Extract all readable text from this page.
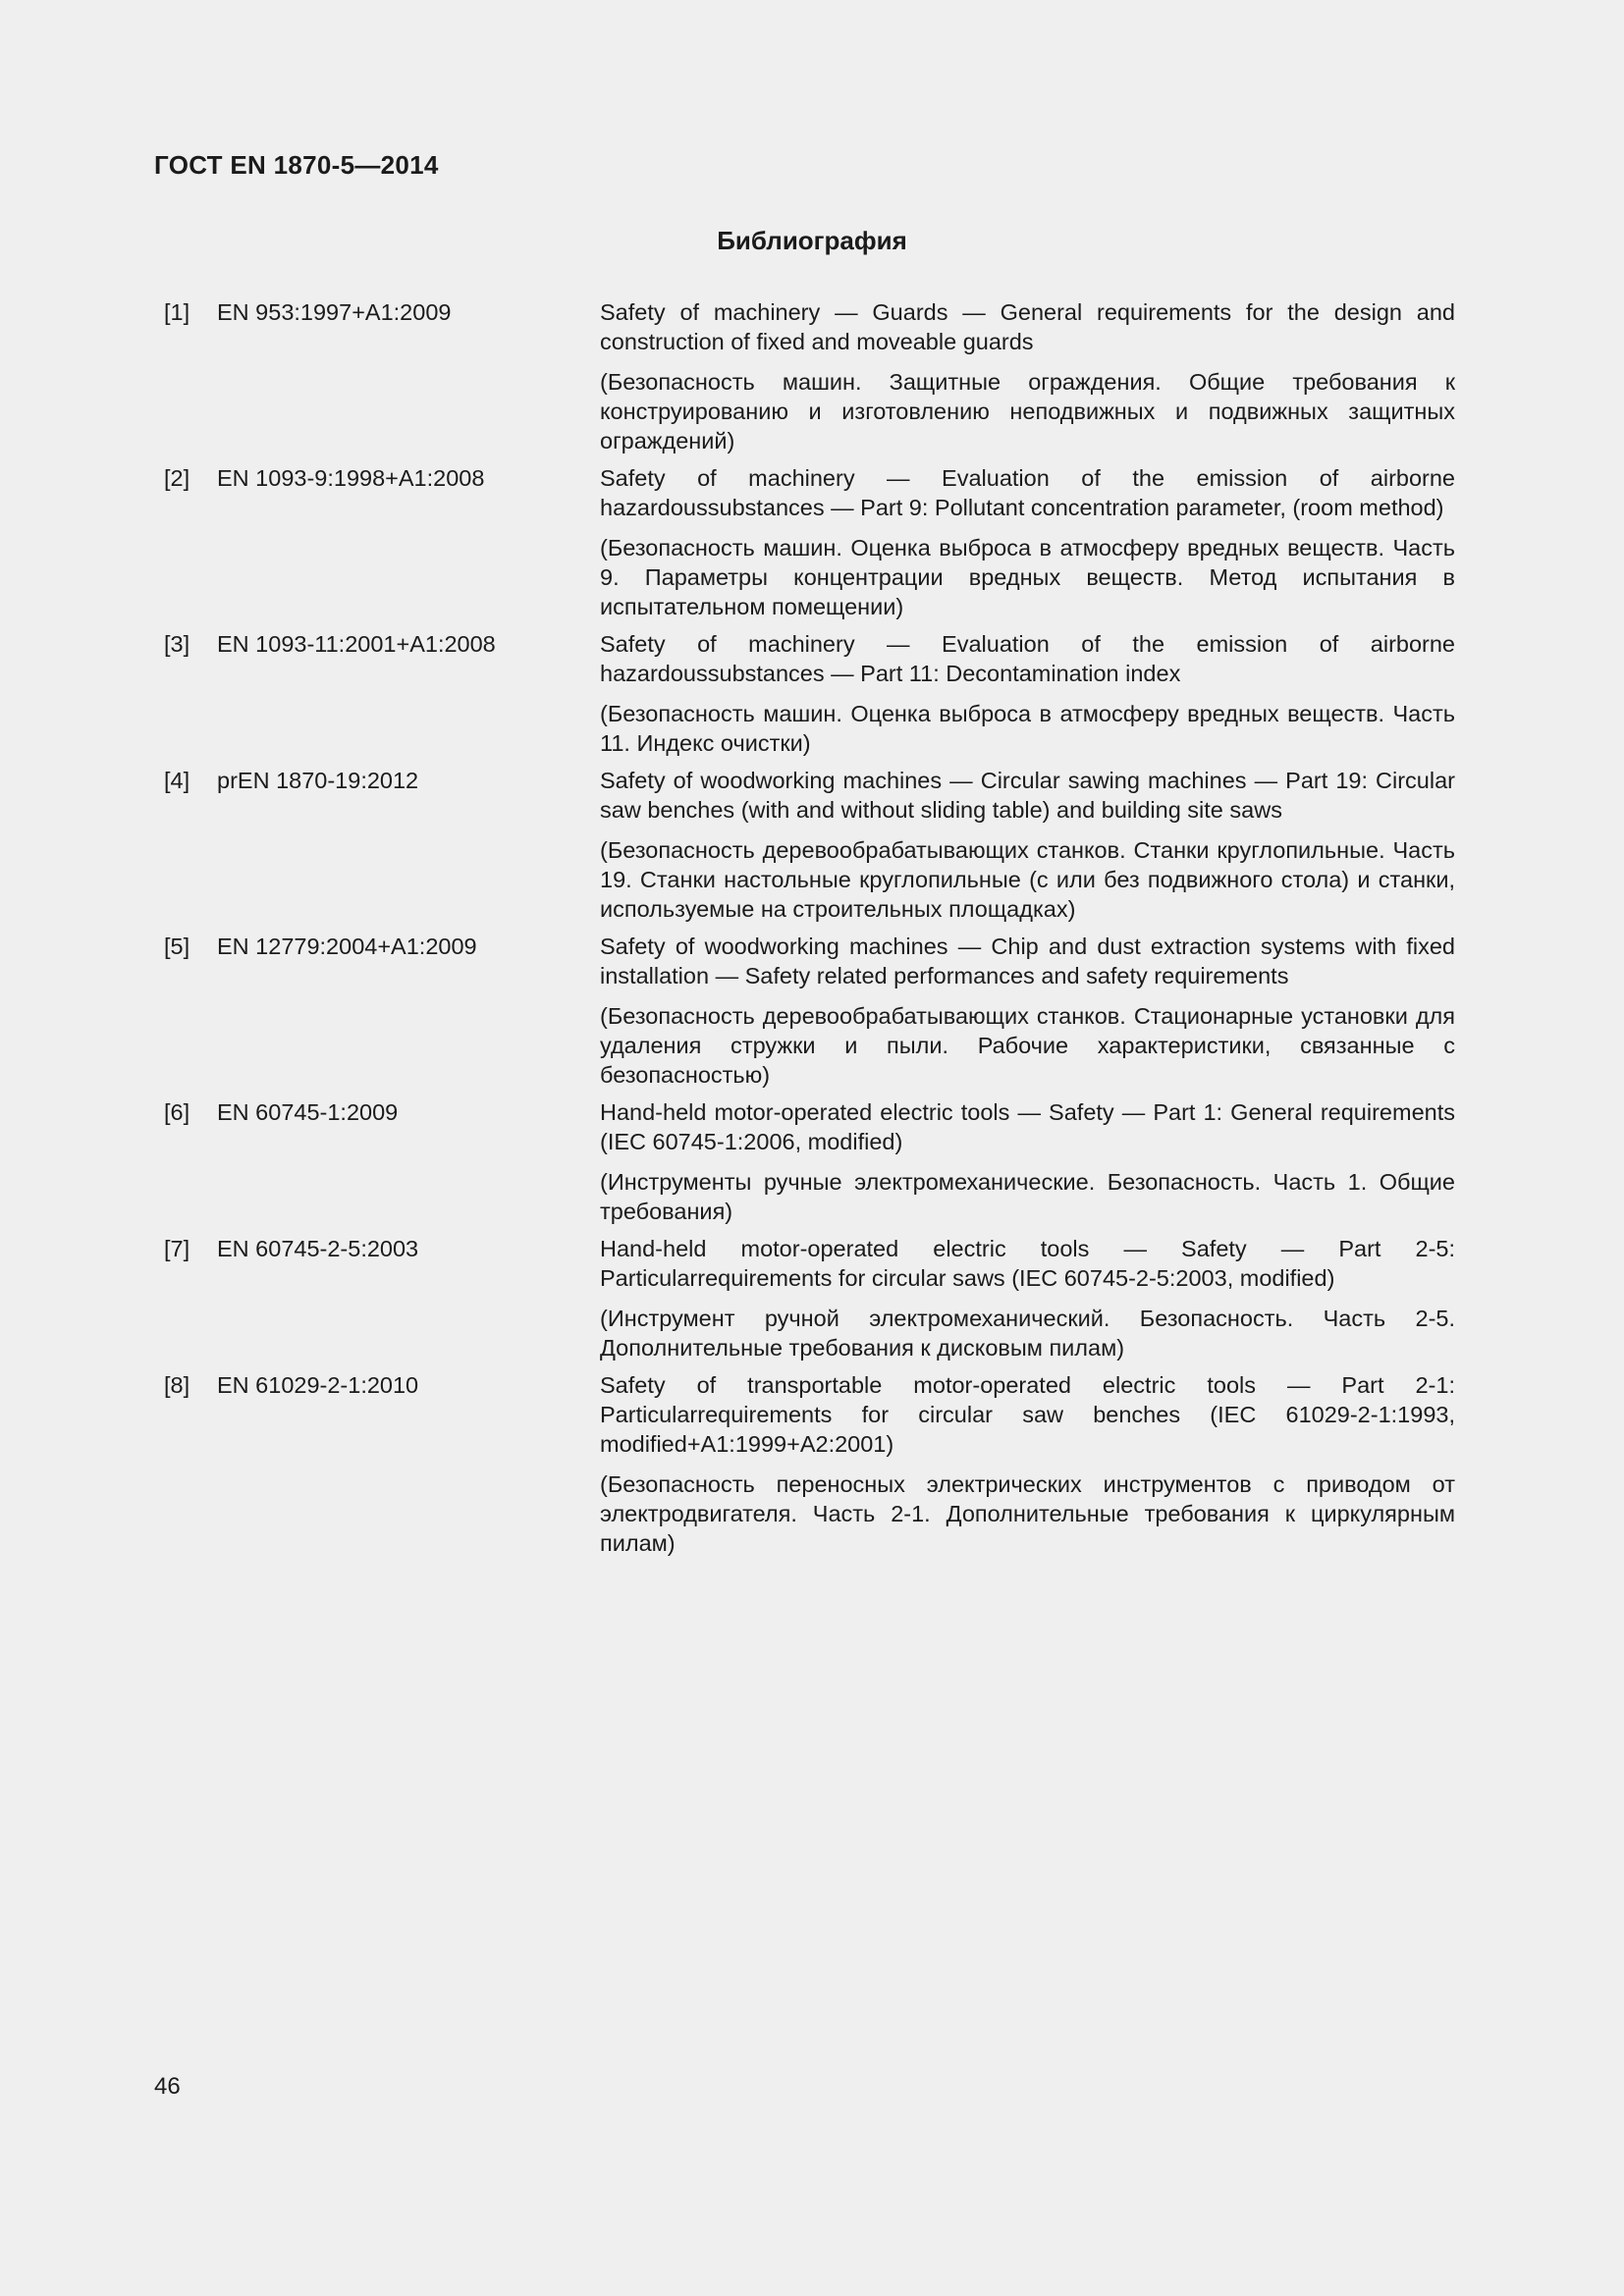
ГОСТ EN 1870-5—2014
Библиография
[1]	EN 953:1997+A1:2009	Safety of machinery — Guards — General requirements for the design and construction of fixed and moveable guards

(Безопасность машин. Защитные ограждения. Общие требования к конструированию и изготовлению неподвижных и подвижных защитных ограждений)

[2]	EN 1093-9:1998+A1:2008	Safety of machinery — Evaluation of the emission of airborne hazardoussubstances — Part 9: Pollutant concentration parameter, (room method)

(Безопасность машин. Оценка выброса в атмосферу вредных веществ. Часть 9. Параметры концентрации вредных веществ. Метод испытания в испытательном помещении)

[3]	EN 1093-11:2001+A1:2008	Safety of machinery — Evaluation of the emission of airborne hazardoussubstances — Part 11: Decontamination index

(Безопасность машин. Оценка выброса в атмосферу вредных веществ. Часть 11. Индекс очистки)

[4]	prEN 1870-19:2012	Safety of woodworking machines — Circular sawing machines — Part 19: Circular saw benches (with and without sliding table) and building site saws

(Безопасность деревообрабатывающих станков. Станки круглопильные. Часть 19. Станки настольные круглопильные (с или без подвижного стола) и станки, используемые на строительных площадках)

[5]	EN 12779:2004+A1:2009	Safety of woodworking machines — Chip and dust extraction systems with fixed installation — Safety related performances and safety requirements

(Безопасность деревообрабатывающих станков. Стационарные установки для удаления стружки и пыли. Рабочие характеристики, связанные с безопасностью)

[6]	EN 60745-1:2009	Hand-held motor-operated electric tools — Safety — Part 1: General requirements (IEC 60745-1:2006, modified)

(Инструменты ручные электромеханические. Безопасность. Часть 1. Общие требования)

[7]	EN 60745-2-5:2003	Hand-held motor-operated electric tools — Safety — Part 2-5: Particularrequirements for circular saws (IEC 60745-2-5:2003, modified)

(Инструмент ручной электромеханический. Безопасность. Часть 2-5. Дополнительные требования к дисковым пилам)

[8]	EN 61029-2-1:2010	Safety of transportable motor-operated electric tools — Part 2-1: Particularrequirements for circular saw benches (IEC 61029-2-1:1993, modified+A1:1999+A2:2001)

(Безопасность переносных электрических инструментов с приводом от электродвигателя. Часть 2-1. Дополнительные требования к циркулярным пилам)

46
